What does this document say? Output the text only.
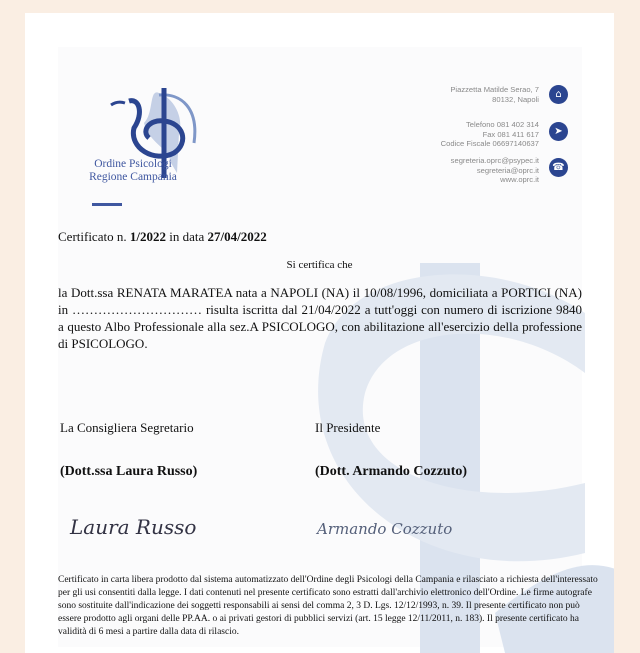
Ordine Psicologi
Regione Campania
Piazzetta Matilde Serao, 7
80132, Napoli	⌂
Telefono 081 402 314
Fax 081 411 617
Codice Fiscale 06697140637
➤
segreteria.oprc@psypec.it
segreteria@oprc.it
www.oprc.it
☎
Certificato n. 1/2022 in data 27/04/2022
Si certifica che
la Dott.ssa RENATA MARATEA nata a NAPOLI (NA) il 10/08/1996, domiciliata a PORTICI (NA) in ………………………… risulta iscritta dal 21/04/2022 a tutt'oggi con numero di iscrizione 9840 a questo Albo Professionale alla sez.A PSICOLOGO, con abilitazione all'esercizio della professione di PSICOLOGO.
La Consigliera Segretario
(Dott.ssa Laura Russo)
Laura Russo
Il Presidente
(Dott. Armando Cozzuto)
Armando Cozzuto
Certificato in carta libera prodotto dal sistema automatizzato dell'Ordine degli Psicologi della Campania e rilasciato a richiesta dell'interessato per gli usi consentiti dalla legge. I dati contenuti nel presente certificato sono estratti dall'archivio elettronico dell'Ordine. Le firme autografe sono sostituite dall'indicazione dei soggetti responsabili ai sensi del comma 2, 3 D. Lgs. 12/12/1993, n. 39. Il presente certificato non può essere prodotto agli organi delle PP.AA. o ai privati gestori di pubblici servizi (art. 15 legge 12/11/2011, n. 183). Il presente certificato ha validità di 6 mesi a partire dalla data di rilascio.
